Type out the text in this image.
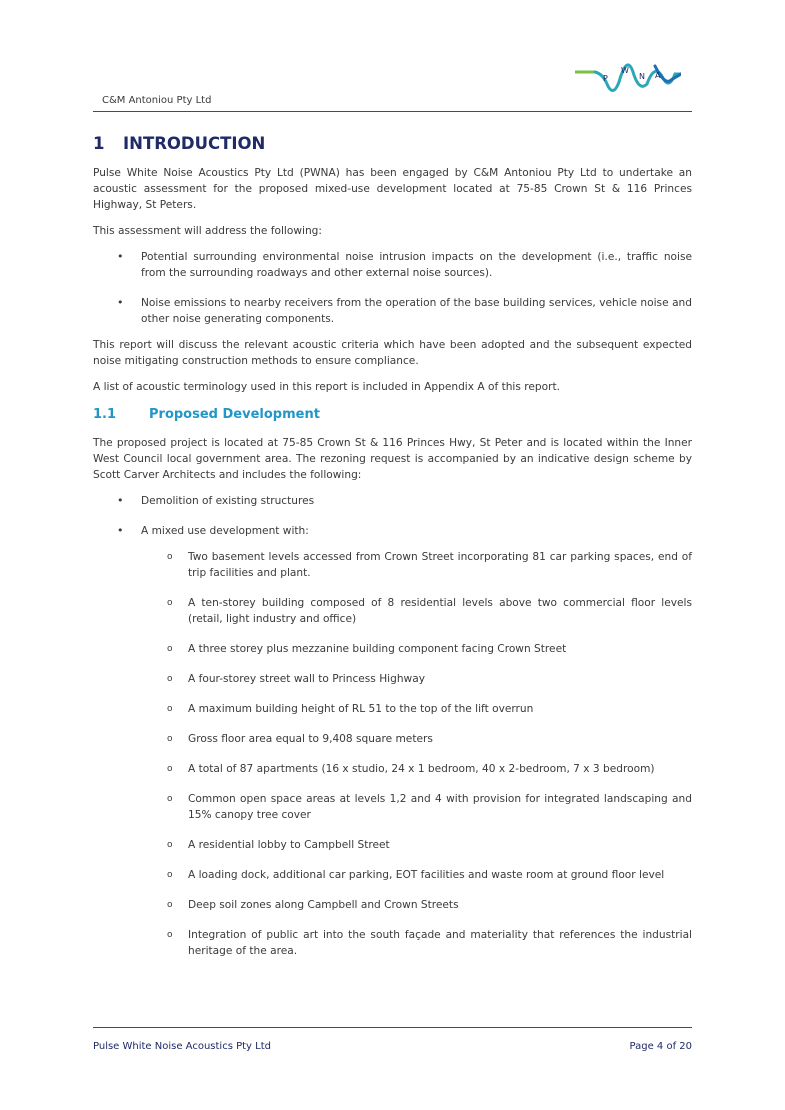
C&M Antoniou Pty Ltd
P
W
N A
1 INTRODUCTION

Pulse White Noise Acoustics Pty Ltd (PWNA) has been engaged by C&M Antoniou Pty Ltd to undertake an acoustic assessment for the proposed mixed-use development located at 75-85 Crown St & 116 Princes Highway, St Peters.

This assessment will address the following:

• Potential surrounding environmental noise intrusion impacts on the development (i.e., traffic noise from the surrounding roadways and other external noise sources).
• Noise emissions to nearby receivers from the operation of the base building services, vehicle noise and other noise generating components.

This report will discuss the relevant acoustic criteria which have been adopted and the subsequent expected noise mitigating construction methods to ensure compliance.

A list of acoustic terminology used in this report is included in Appendix A of this report.

1.1	Proposed Development

The proposed project is located at 75-85 Crown St & 116 Princes Hwy, St Peter and is located within the Inner West Council local government area. The rezoning request is accompanied by an indicative design scheme by Scott Carver Architects and includes the following:

• Demolition of existing structures
• A mixed use development with:
o Two basement levels accessed from Crown Street incorporating 81 car parking spaces, end of trip facilities and plant.
o A ten-storey building composed of 8 residential levels above two commercial floor levels (retail, light industry and office)
o A three storey plus mezzanine building component facing Crown Street
o A four-storey street wall to Princess Highway
o A maximum building height of RL 51 to the top of the lift overrun
o Gross floor area equal to 9,408 square meters
o A total of 87 apartments (16 x studio, 24 x 1 bedroom, 40 x 2-bedroom, 7 x 3 bedroom)
o Common open space areas at levels 1,2 and 4 with provision for integrated landscaping and 15% canopy tree cover
o A residential lobby to Campbell Street
o A loading dock, additional car parking, EOT facilities and waste room at ground floor level
o Deep soil zones along Campbell and Crown Streets
o Integration of public art into the south façade and materiality that references the industrial heritage of the area.
Pulse White Noise Acoustics Pty Ltd	Page 4 of 20
